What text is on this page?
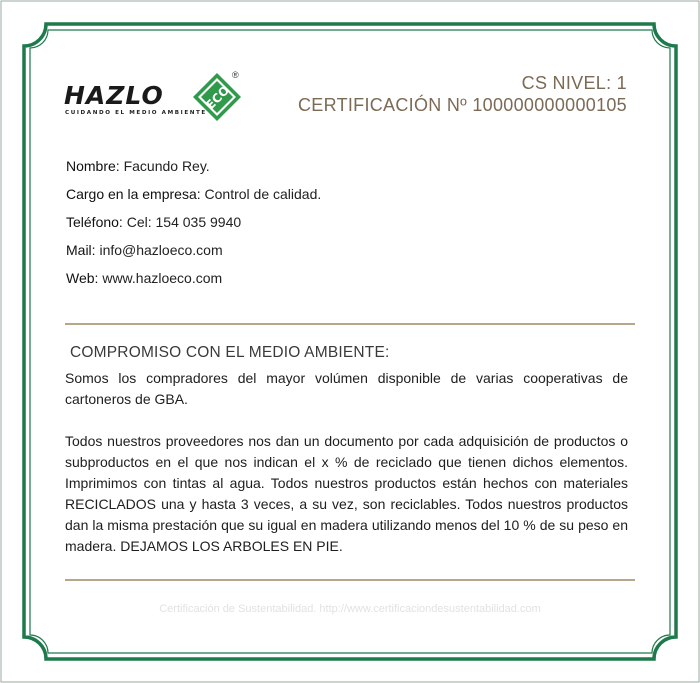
HAZLO	ECO
®
CUIDANDO EL MEDIO AMBIENTE
CS NIVEL: 1
CERTIFICACIÓN Nº 100000000000105
Nombre: Facundo Rey.
Cargo en la empresa: Control de calidad.
Teléfono: Cel: 154 035 9940
Mail: info@hazloeco.com
Web: www.hazloeco.com
COMPROMISO CON EL MEDIO AMBIENTE:

Somos los compradores del mayor volúmen disponible de varias cooperativas de cartoneros de GBA.

Todos nuestros proveedores nos dan un documento por cada adquisición de productos o subproductos en el que nos indican el x % de reciclado que tienen dichos elementos. Imprimimos con tintas al agua. Todos nuestros productos están hechos con materiales RECICLADOS una y hasta 3 veces, a su vez, son reciclables. Todos nuestros productos dan la misma prestación que su igual en madera utilizando menos del 10 % de su peso en madera. DEJAMOS LOS ARBOLES EN PIE.

Certificación de Sustentabilidad. http://www.certificaciondesustentabilidad.com
